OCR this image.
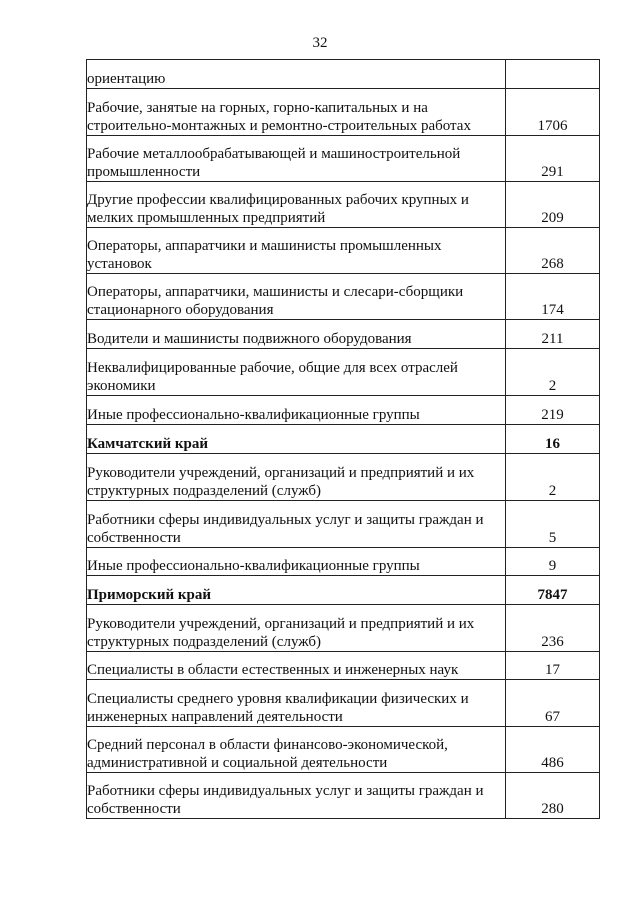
32
ориентацию	
Рабочие, занятые на горных, горно-капитальных и на строительно-монтажных и ремонтно-строительных работах	1706
Рабочие металлообрабатывающей и машиностроительной промышленности	291
Другие профессии квалифицированных рабочих крупных и мелких промышленных предприятий	209
Операторы, аппаратчики и машинисты промышленных установок	268
Операторы, аппаратчики, машинисты и слесари-сборщики стационарного оборудования	174
Водители и машинисты подвижного оборудования	211
Неквалифицированные рабочие, общие для всех отраслей экономики	2
Иные профессионально-квалификационные группы	219
Камчатский край	16
Руководители учреждений, организаций и предприятий и их структурных подразделений (служб)	2
Работники сферы индивидуальных услуг и защиты граждан и собственности	5
Иные профессионально-квалификационные группы	9
Приморский край	7847
Руководители учреждений, организаций и предприятий и их структурных подразделений (служб)	236
Специалисты в области естественных и инженерных наук	17
Специалисты среднего уровня квалификации физических и инженерных направлений деятельности	67
Средний персонал в области финансово-экономической, административной и социальной деятельности	486
Работники сферы индивидуальных услуг и защиты граждан и собственности	280
